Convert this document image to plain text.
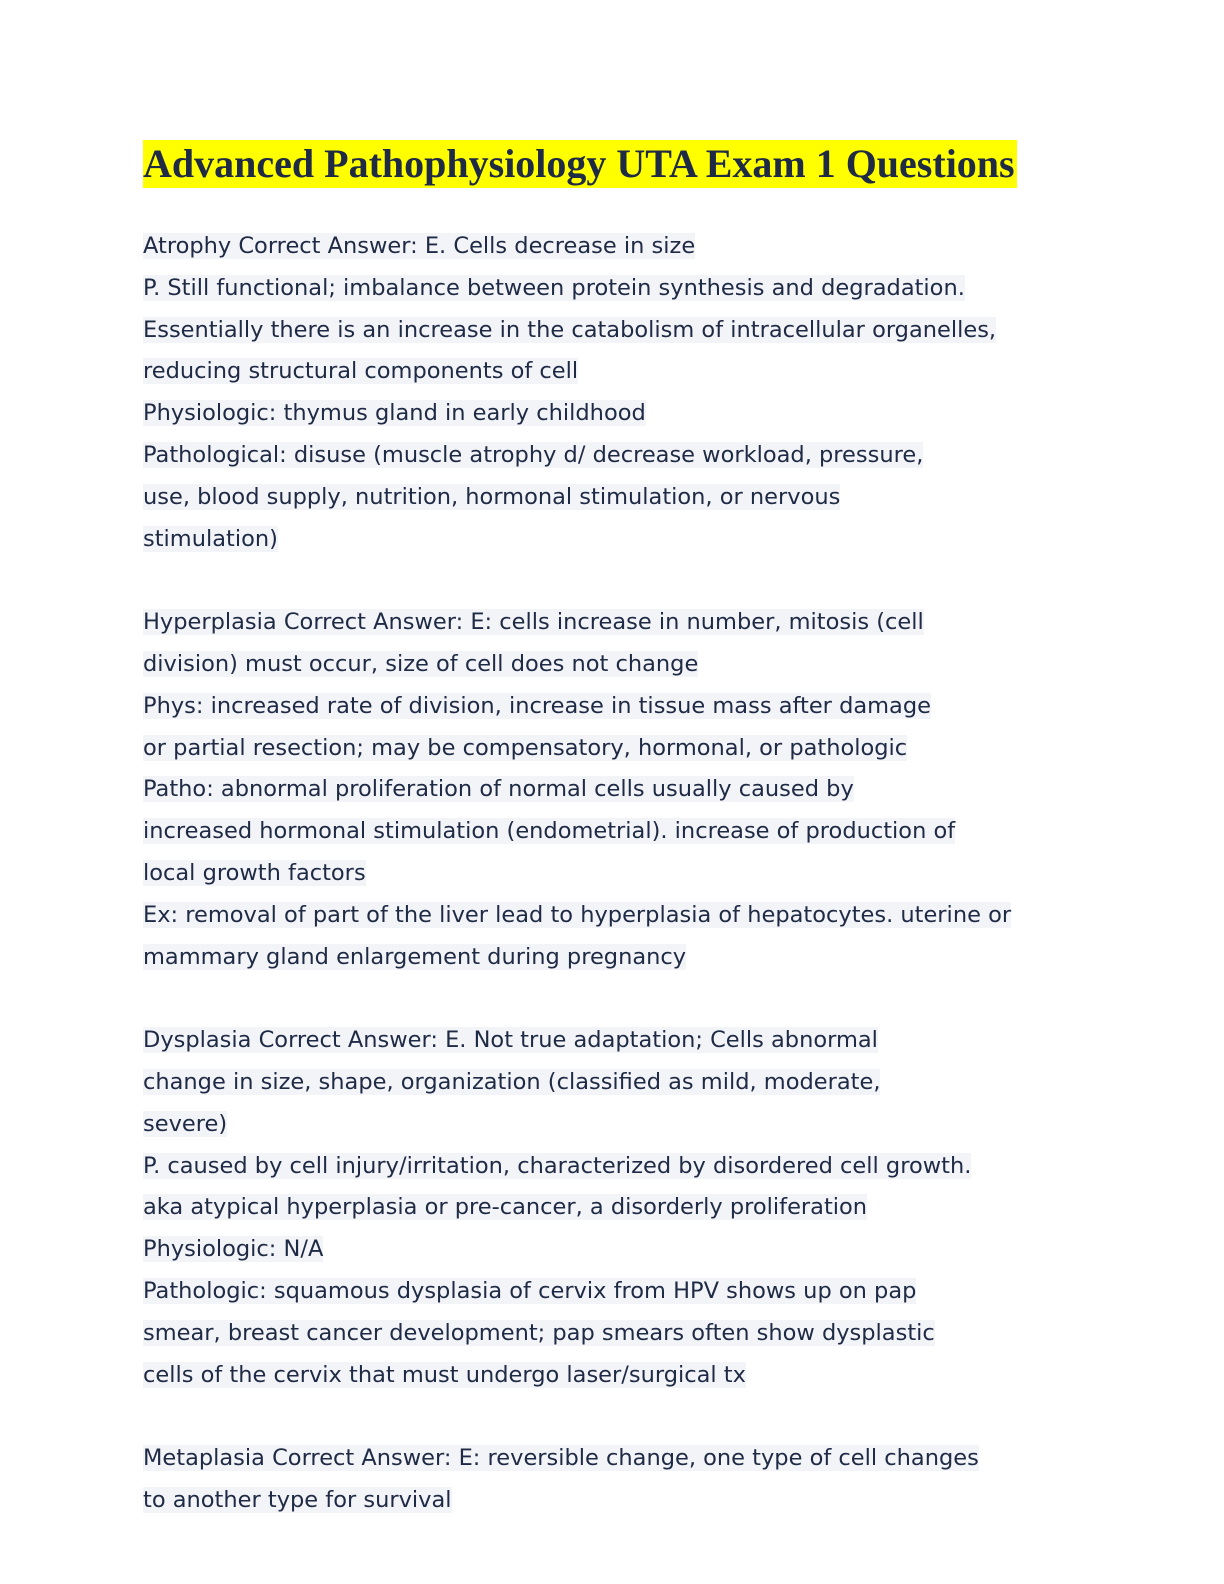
Advanced Pathophysiology UTA Exam 1 Questions
Atrophy Correct Answer: E. Cells decrease in size
P. Still functional; imbalance between protein synthesis and degradation.
Essentially there is an increase in the catabolism of intracellular organelles,
reducing structural components of cell
Physiologic: thymus gland in early childhood
Pathological: disuse (muscle atrophy d/ decrease workload, pressure,
use, blood supply, nutrition, hormonal stimulation, or nervous
stimulation)
Hyperplasia Correct Answer: E: cells increase in number, mitosis (cell
division) must occur, size of cell does not change
Phys: increased rate of division, increase in tissue mass after damage
or partial resection; may be compensatory, hormonal, or pathologic
Patho: abnormal proliferation of normal cells usually caused by
increased hormonal stimulation (endometrial). increase of production of
local growth factors
Ex: removal of part of the liver lead to hyperplasia of hepatocytes. uterine or
mammary gland enlargement during pregnancy
Dysplasia Correct Answer: E. Not true adaptation; Cells abnormal
change in size, shape, organization (classified as mild, moderate,
severe)
P. caused by cell injury/irritation, characterized by disordered cell growth.
aka atypical hyperplasia or pre-cancer, a disorderly proliferation
Physiologic: N/A
Pathologic: squamous dysplasia of cervix from HPV shows up on pap
smear, breast cancer development; pap smears often show dysplastic
cells of the cervix that must undergo laser/surgical tx
Metaplasia Correct Answer: E: reversible change, one type of cell changes
to another type for survival
